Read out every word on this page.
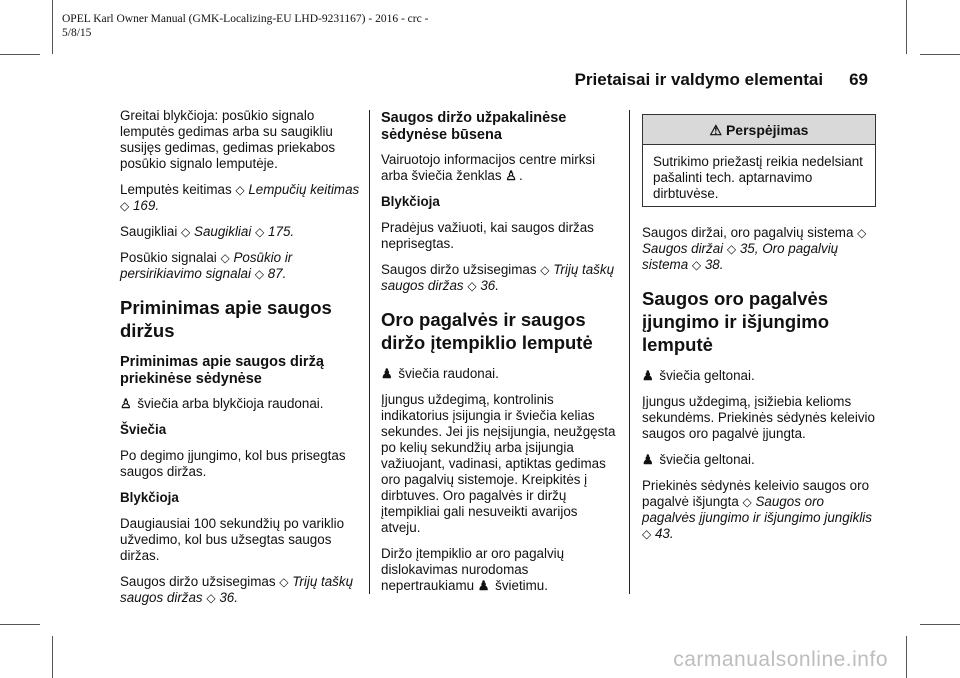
OPEL Karl Owner Manual (GMK-Localizing-EU LHD-9231167) - 2016 - crc -
5/8/15
Prietaisai ir valdymo elementai 69

Greitai blykčioja: posūkio signalo lemputės gedimas arba su saugikliu susijęs gedimas, gedimas priekabos posūkio signalo lemputėje.

Lemputės keitimas ◇ Lempučių keitimas ◇ 169.

Saugikliai ◇ Saugikliai ◇ 175.

Posūkio signalai ◇ Posūkio ir persirikiavimo signalai ◇ 87.

Priminimas apie saugos diržus
Priminimas apie saugos diržą priekinėse sėdynėse

♙ šviečia arba blykčioja raudonai.

Šviečia

Po degimo įjungimo, kol bus prisegtas saugos diržas.

Blykčioja

Daugiausiai 100 sekundžių po variklio užvedimo, kol bus užsegtas saugos diržas.

Saugos diržo užsisegimas ◇ Trijų taškų saugos diržas ◇ 36.

Saugos diržo užpakalinėse sėdynėse būsena

Vairuotojo informacijos centre mirksi arba šviečia ženklas ♙ .

Blykčioja

Pradėjus važiuoti, kai saugos diržas neprisegtas.

Saugos diržo užsisegimas ◇ Trijų taškų saugos diržas ◇ 36.

Oro pagalvės ir saugos diržo įtempiklio lemputė

♟ šviečia raudonai.

Įjungus uždegimą, kontrolinis indikatorius įsijungia ir šviečia kelias sekundes. Jei jis neįsijungia, neužgęsta po kelių sekundžių arba įsijungia važiuojant, vadinasi, aptiktas gedimas oro pagalvių sistemoje. Kreipkitės į dirbtuves. Oro pagalvės ir diržų įtempikliai gali nesuveikti avarijos atveju.

Diržo įtempiklio ar oro pagalvių dislokavimas nurodomas nepertraukiamu ♟ švietimu.

⚠ Perspėjimas
Sutrikimo priežastį reikia nedelsiant pašalinti tech. aptarnavimo dirbtuvėse.

Saugos diržai, oro pagalvių sistema ◇ Saugos diržai ◇ 35, Oro pagalvių sistema ◇ 38.

Saugos oro pagalvės įjungimo ir išjungimo lemputė

♟ šviečia geltonai.

Įjungus uždegimą, įsižiebia kelioms sekundėms. Priekinės sėdynės keleivio saugos oro pagalvė įjungta.

♟ šviečia geltonai.

Priekinės sėdynės keleivio saugos oro pagalvė išjungta ◇ Saugos oro pagalvės įjungimo ir išjungimo jungiklis ◇ 43.

carmanualsonline.info
